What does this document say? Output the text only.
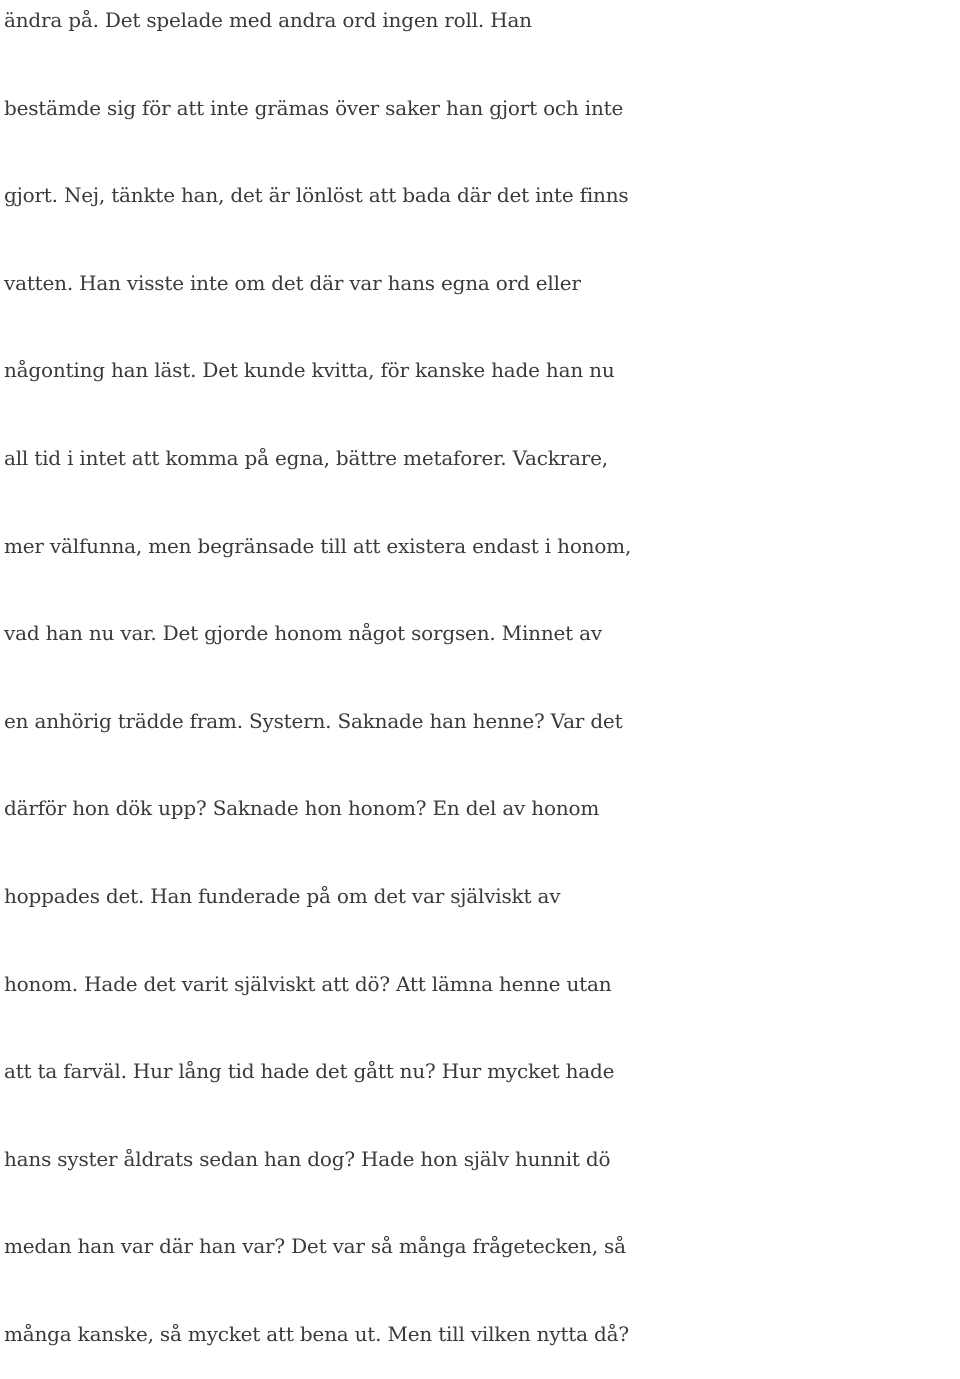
ändra på. Det spelade med andra ord ingen roll. Han
bestämde sig för att inte grämas över saker han gjort och inte
gjort. Nej, tänkte han, det är lönlöst att bada där det inte finns
vatten. Han visste inte om det där var hans egna ord eller
någonting han läst. Det kunde kvitta, för kanske hade han nu
all tid i intet att komma på egna, bättre metaforer. Vackrare,
mer välfunna, men begränsade till att existera endast i honom,
vad han nu var. Det gjorde honom något sorgsen. Minnet av
en anhörig trädde fram. Systern. Saknade han henne? Var det
därför hon dök upp? Saknade hon honom? En del av honom
hoppades det. Han funderade på om det var själviskt av
honom. Hade det varit själviskt att dö? Att lämna henne utan
att ta farväl. Hur lång tid hade det gått nu? Hur mycket hade
hans syster åldrats sedan han dog? Hade hon själv hunnit dö
medan han var där han var? Det var så många frågetecken, så
många kanske, så mycket att bena ut. Men till vilken nytta då?
